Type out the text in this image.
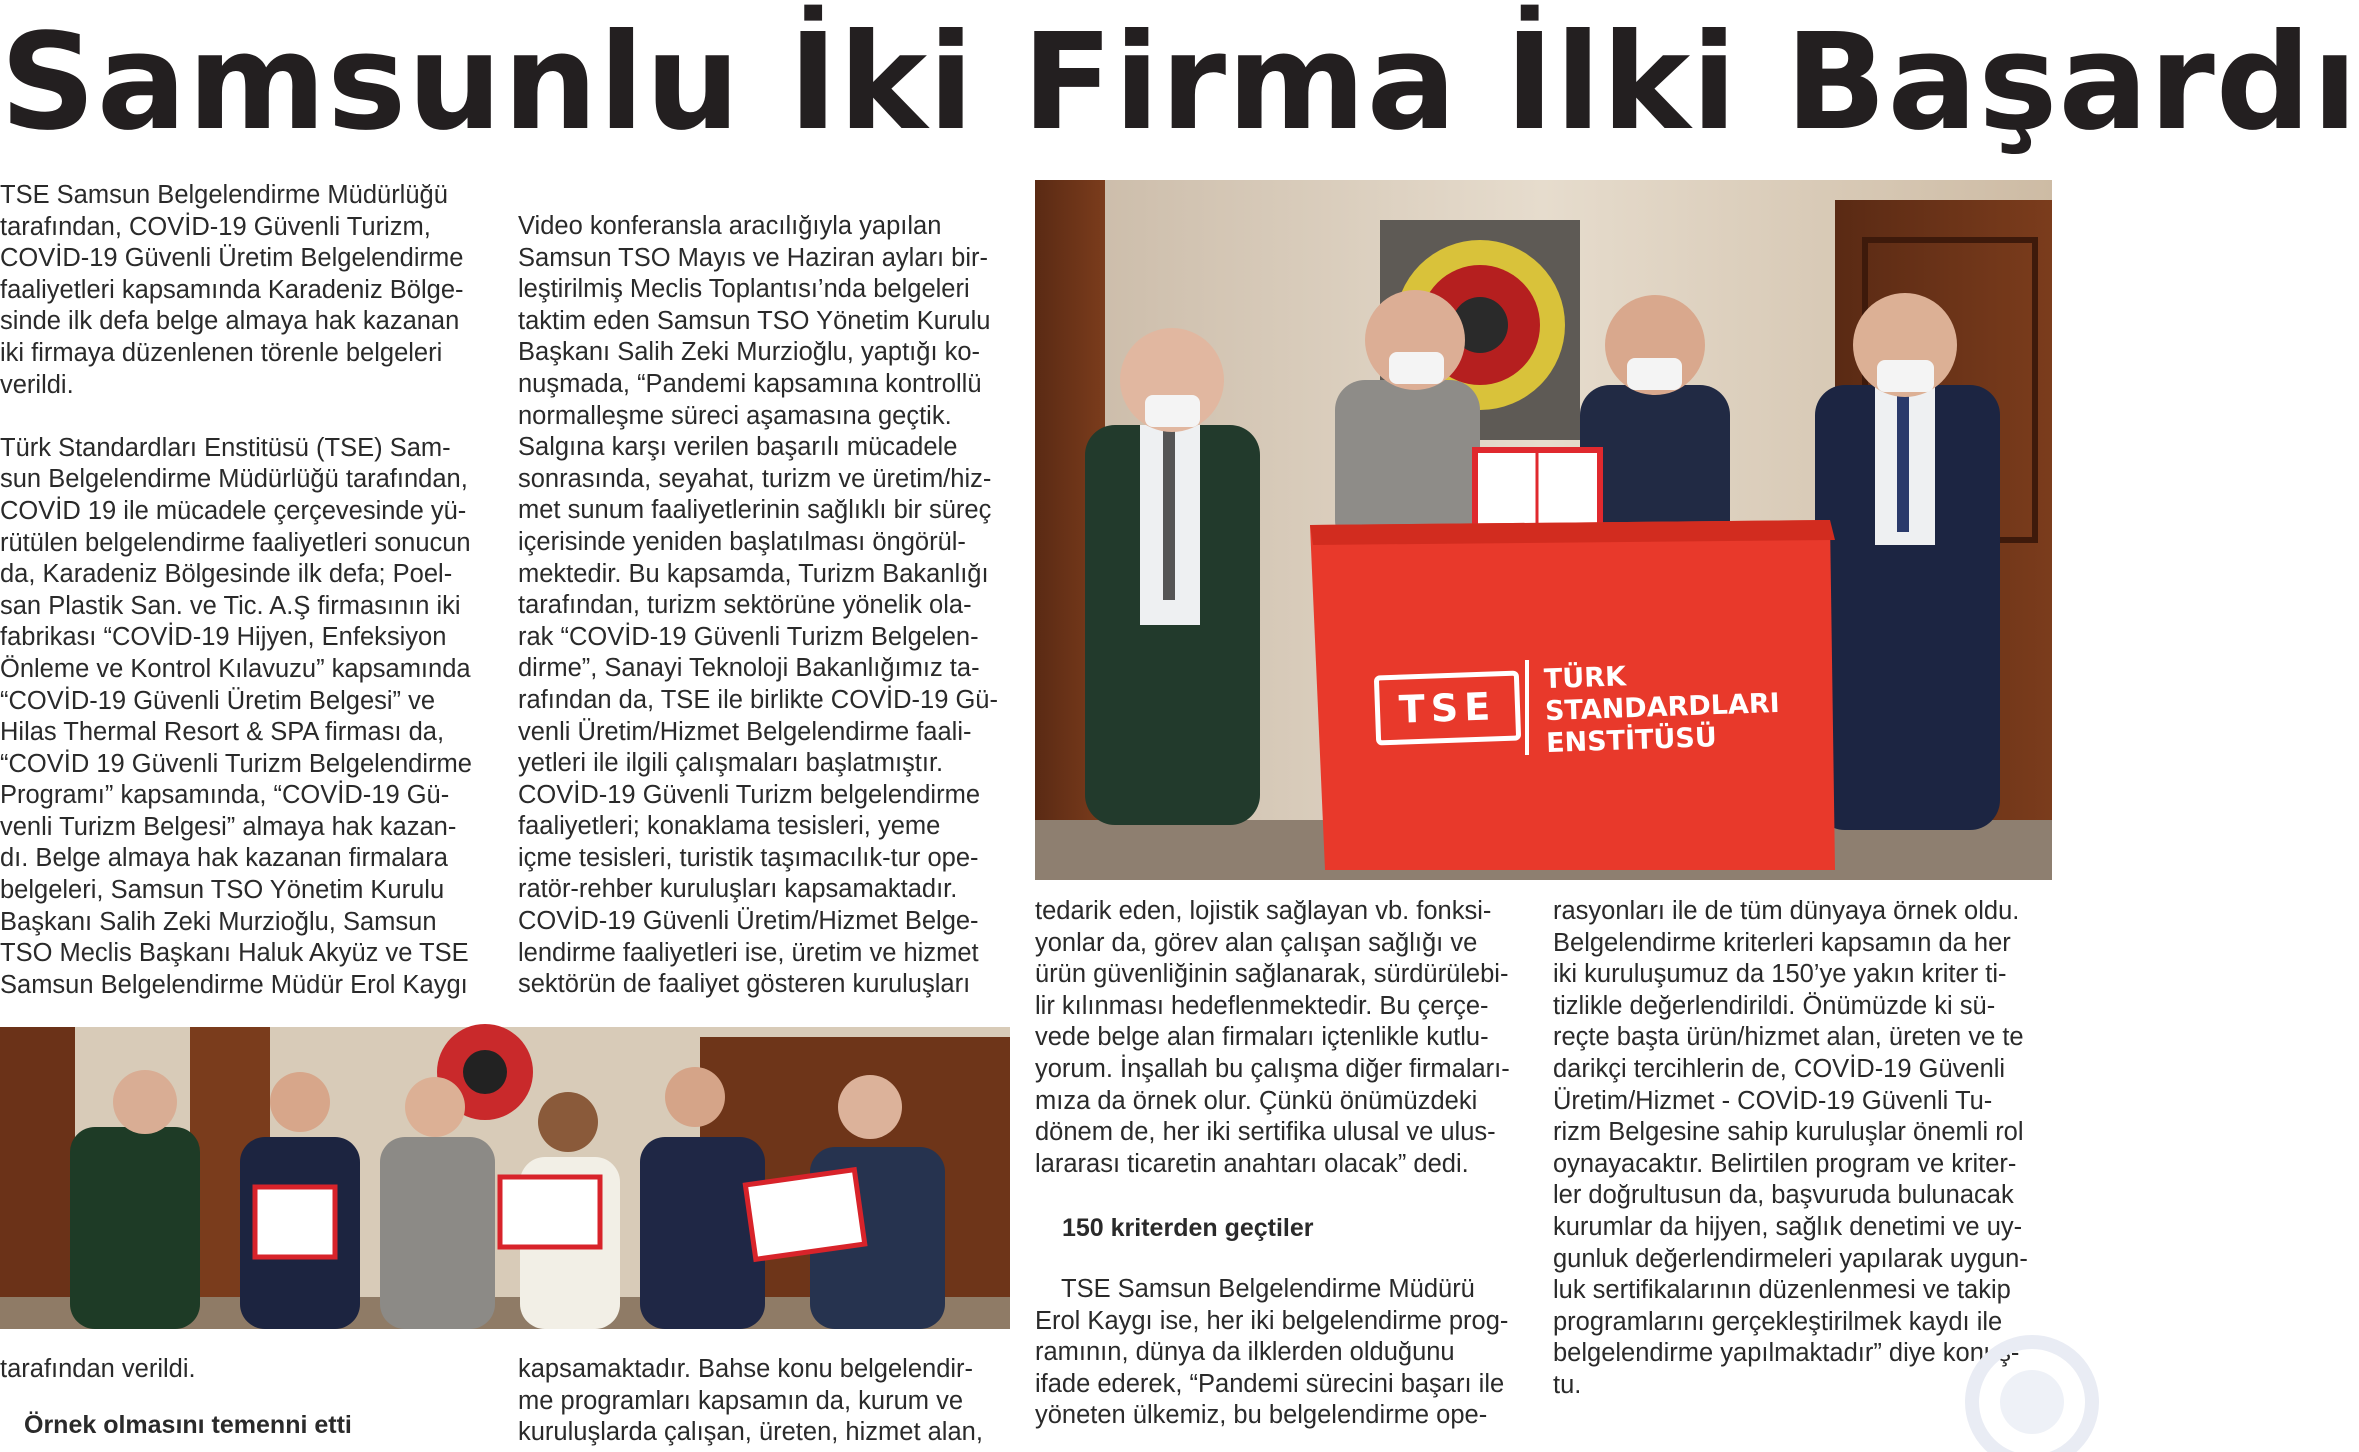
Samsunlu İki Firma İlki Başardı
TSE Samsun Belgelendirme Müdürlüğü
tarafından, COVİD-19 Güvenli Turizm,
COVİD-19 Güvenli Üretim Belgelendirme
faaliyetleri kapsamında Karadeniz Bölge-
sinde ilk defa belge almaya hak kazanan
iki firmaya düzenlenen törenle belgeleri
verildi.

Türk Standardları Enstitüsü (TSE) Sam-
sun Belgelendirme Müdürlüğü tarafından,
COVİD 19 ile mücadele çerçevesinde yü-
rütülen belgelendirme faaliyetleri sonucun
da, Karadeniz Bölgesinde ilk defa; Poel-
san Plastik San. ve Tic. A.Ş firmasının iki
fabrikası “COVİD-19 Hijyen, Enfeksiyon
Önleme ve Kontrol Kılavuzu” kapsamında
“COVİD-19 Güvenli Üretim Belgesi” ve
Hilas Thermal Resort & SPA firması da,
“COVİD 19 Güvenli Turizm Belgelendirme
Programı” kapsamında, “COVİD-19 Gü-
venli Turizm Belgesi” almaya hak kazan-
dı. Belge almaya hak kazanan firmalara
belgeleri, Samsun TSO Yönetim Kurulu
Başkanı Salih Zeki Murzioğlu, Samsun
TSO Meclis Başkanı Haluk Akyüz ve TSE
Samsun Belgelendirme Müdür Erol Kaygı
Video konferansla aracılığıyla yapılan
Samsun TSO Mayıs ve Haziran ayları bir-
leştirilmiş Meclis Toplantısı’nda belgeleri
taktim eden Samsun TSO Yönetim Kurulu
Başkanı Salih Zeki Murzioğlu, yaptığı ko-
nuşmada, “Pandemi kapsamına kontrollü
normalleşme süreci aşamasına geçtik.
Salgına karşı verilen başarılı mücadele
sonrasında, seyahat, turizm ve üretim/hiz-
met sunum faaliyetlerinin sağlıklı bir süreç
içerisinde yeniden başlatılması öngörül-
mektedir. Bu kapsamda, Turizm Bakanlığı
tarafından, turizm sektörüne yönelik ola-
rak “COVİD-19 Güvenli Turizm Belgelen-
dirme”, Sanayi Teknoloji Bakanlığımız ta-
rafından da, TSE ile birlikte COVİD-19 Gü-
venli Üretim/Hizmet Belgelendirme faali-
yetleri ile ilgili çalışmaları başlatmıştır.
COVİD-19 Güvenli Turizm belgelendirme
faaliyetleri; konaklama tesisleri, yeme
içme tesisleri, turistik taşımacılık-tur ope-
ratör-rehber kuruluşları kapsamaktadır.
COVİD-19 Güvenli Üretim/Hizmet Belge-
lendirme faaliyetleri ise, üretim ve hizmet
sektörün de faaliyet gösteren kuruluşları
TSE
TÜRK
STANDARDLARI
ENSTİTÜSÜ
tarafından verildi.
Örnek olmasını temenni etti
kapsamaktadır. Bahse konu belgelendir-
me programları kapsamın da, kurum ve
kuruluşlarda çalışan, üreten, hizmet alan,
tedarik eden, lojistik sağlayan vb. fonksi-
yonlar da, görev alan çalışan sağlığı ve
ürün güvenliğinin sağlanarak, sürdürülebi-
lir kılınması hedeflenmektedir. Bu çerçe-
vede belge alan firmaları içtenlikle kutlu-
yorum. İnşallah bu çalışma diğer firmaları-
mıza da örnek olur. Çünkü önümüzdeki
dönem de, her iki sertifika ulusal ve ulus-
lararası ticaretin anahtarı olacak” dedi.
150 kriterden geçtiler
TSE Samsun Belgelendirme Müdürü
Erol Kaygı ise, her iki belgelendirme prog-
ramının, dünya da ilklerden olduğunu
ifade ederek, “Pandemi sürecini başarı ile
yöneten ülkemiz, bu belgelendirme ope-
rasyonları ile de tüm dünyaya örnek oldu.
Belgelendirme kriterleri kapsamın da her
iki kuruluşumuz da 150’ye yakın kriter ti-
tizlikle değerlendirildi. Önümüzde ki sü-
reçte başta ürün/hizmet alan, üreten ve te
darikçi tercihlerin de, COVİD-19 Güvenli
Üretim/Hizmet - COVİD-19 Güvenli Tu-
rizm Belgesine sahip kuruluşlar önemli rol
oynayacaktır. Belirtilen program ve kriter-
ler doğrultusun da, başvuruda bulunacak
kurumlar da hijyen, sağlık denetimi ve uy-
gunluk değerlendirmeleri yapılarak uygun-
luk sertifikalarının düzenlenmesi ve takip
programlarını gerçekleştirilmek kaydı ile
belgelendirme yapılmaktadır” diye konuş-
tu.
